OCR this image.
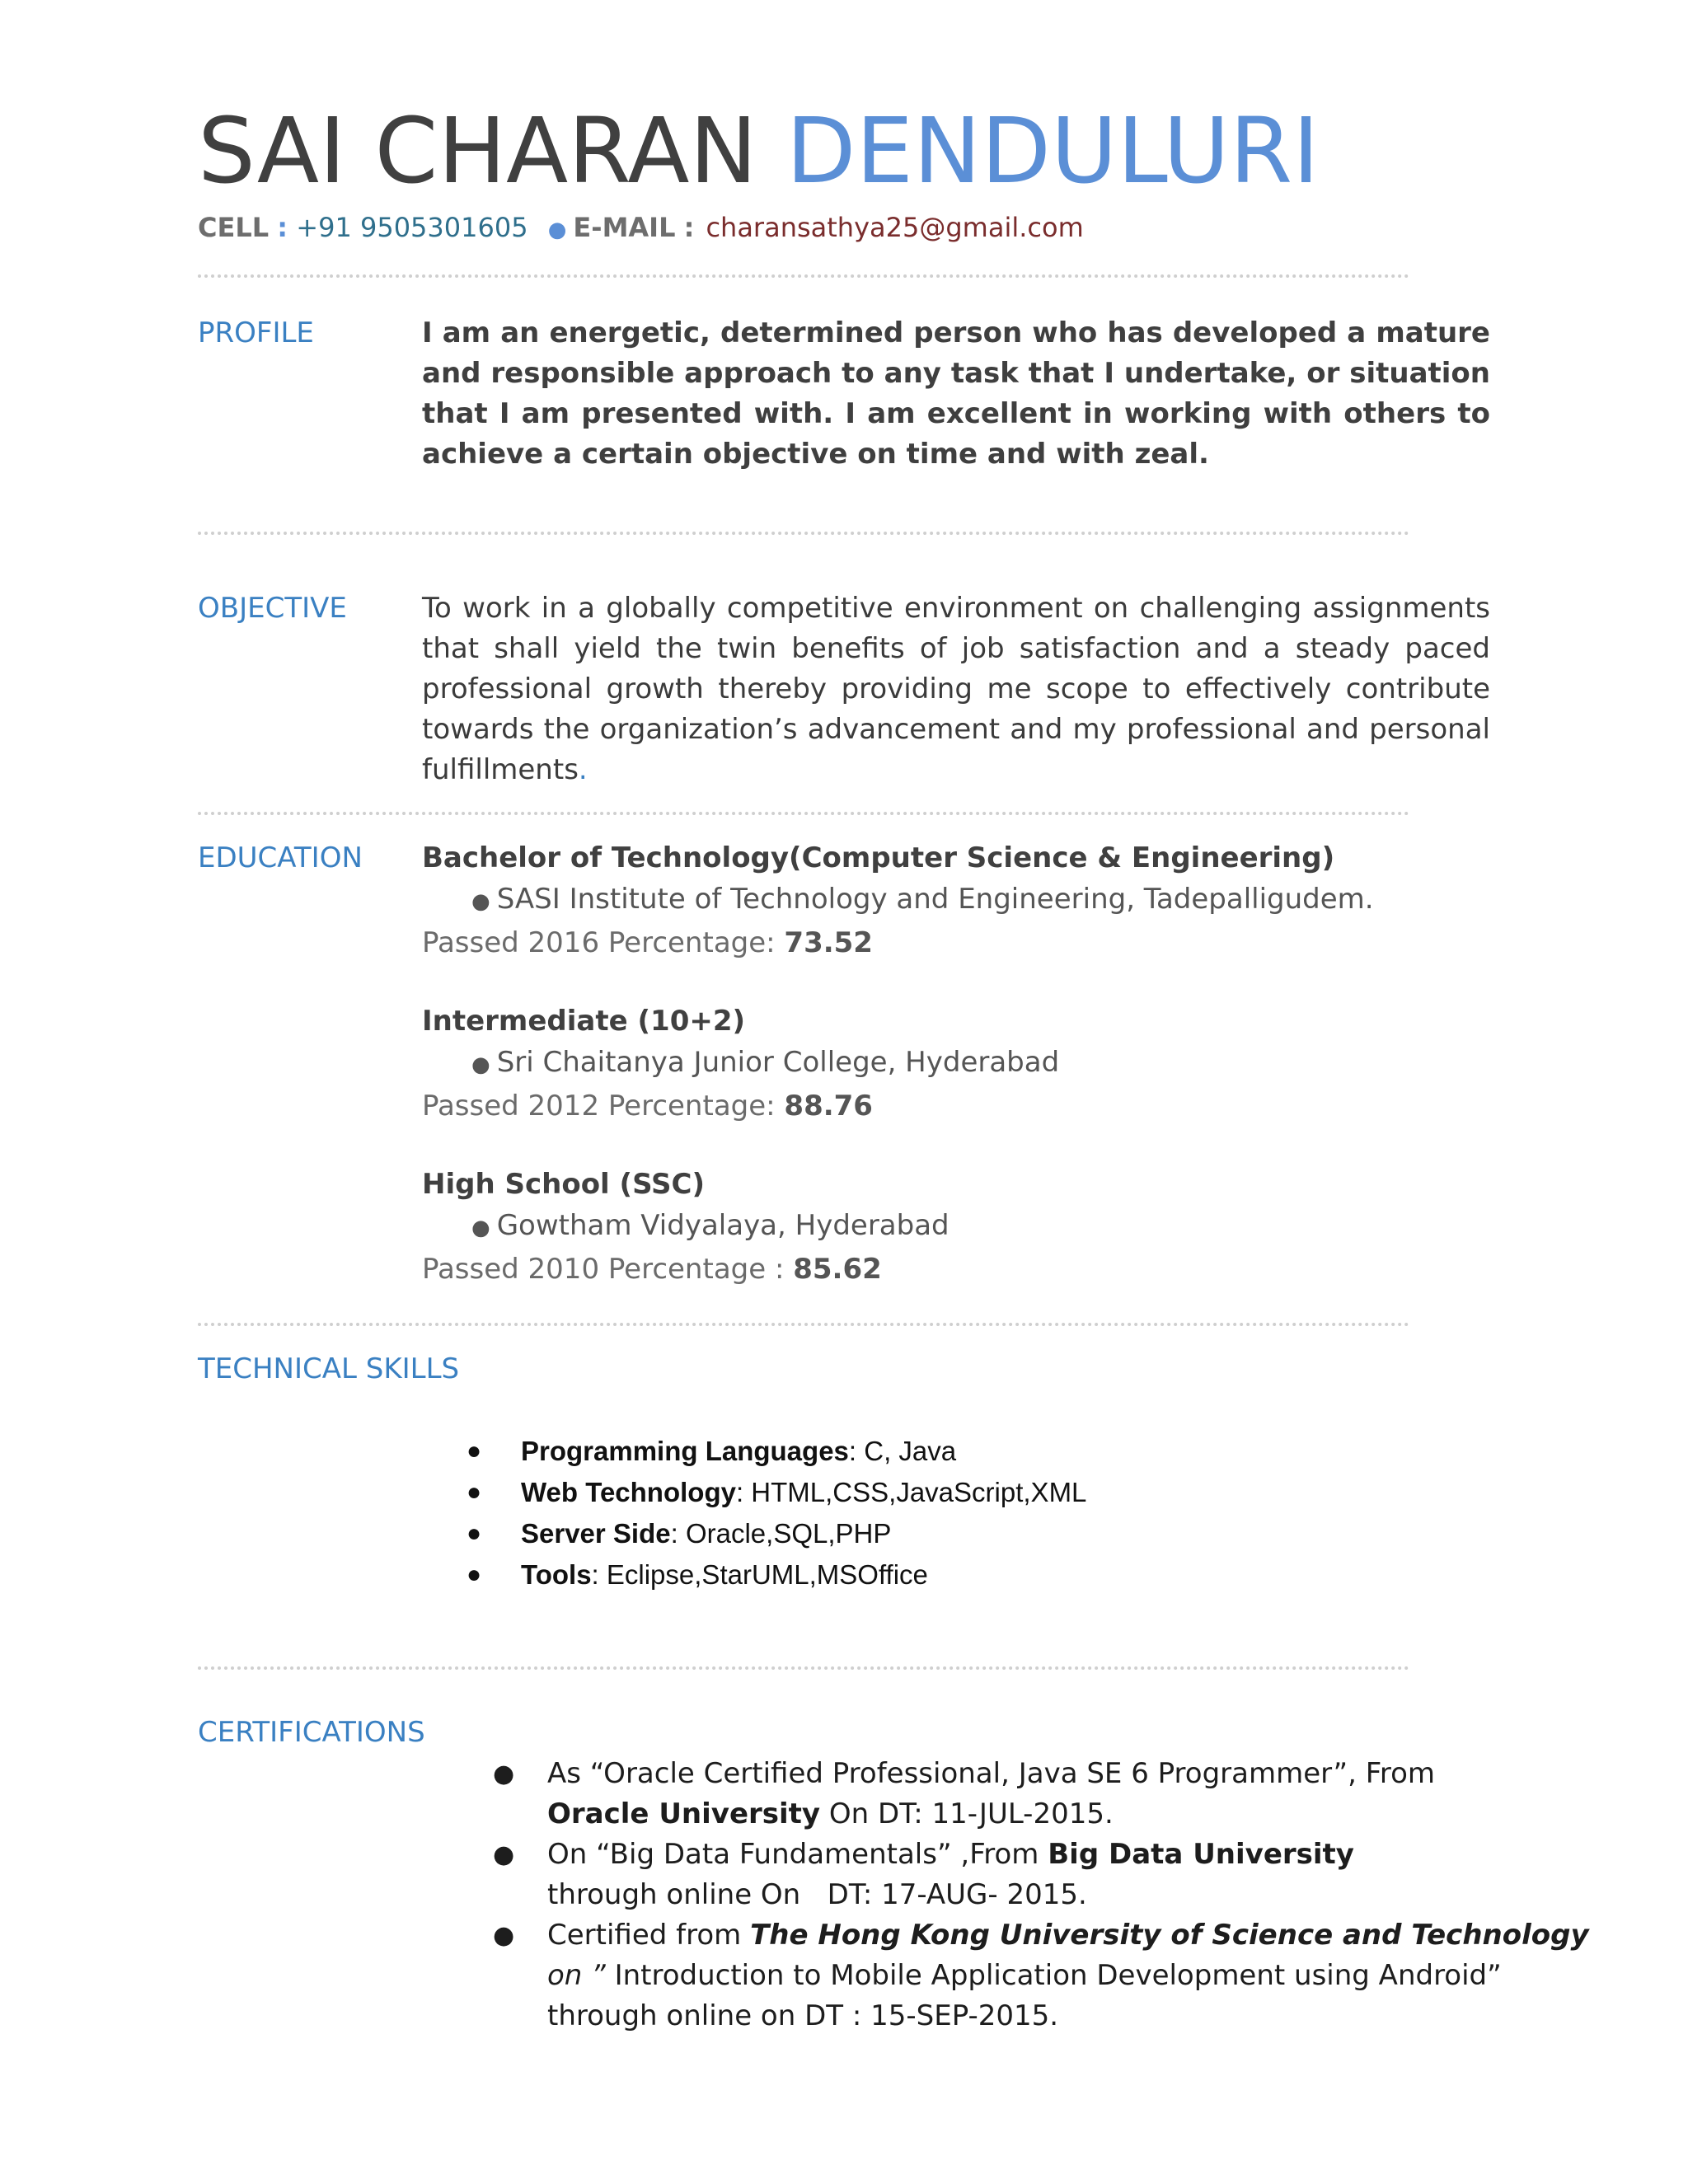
SAI CHARAN DENDULURI
CELL : +91 9505301605 ● E-MAIL : charansathya25@gmail.com
PROFILE	I am an energetic, determined person who has developed a mature and responsible approach to any task that I undertake, or situation that I am presented with. I am excellent in working with others to achieve a certain objective on time and with zeal.
OBJECTIVE	To work in a globally competitive environment on challenging assignments that shall yield the twin benefits of job satisfaction and a steady paced professional growth thereby providing me scope to effectively contribute towards the organization’s advancement and my professional and personal fulfillments.
EDUCATION Bachelor of Technology(Computer Science & Engineering)
● SASI Institute of Technology and Engineering, Tadepalligudem.
Passed 2016 Percentage: 73.52
Intermediate (10+2)
● Sri Chaitanya Junior College, Hyderabad
Passed 2012 Percentage: 88.76
High School (SSC)
● Gowtham Vidyalaya, Hyderabad
Passed 2010 Percentage : 85.62
TECHNICAL SKILLS
● Programming Languages: C, Java
● Web Technology: HTML,CSS,JavaScript,XML
● Server Side: Oracle,SQL,PHP
● Tools: Eclipse,StarUML,MSOffice
CERTIFICATIONS
● As “Oracle Certified Professional, Java SE 6 Programmer”, From
Oracle University On DT: 11-JUL-2015.
● On “Big Data Fundamentals” ,From Big Data University
through online On   DT: 17-AUG- 2015.
● Certified from The Hong Kong University of Science and Technology
on ” Introduction to Mobile Application Development using Android”
through online on DT : 15-SEP-2015.
